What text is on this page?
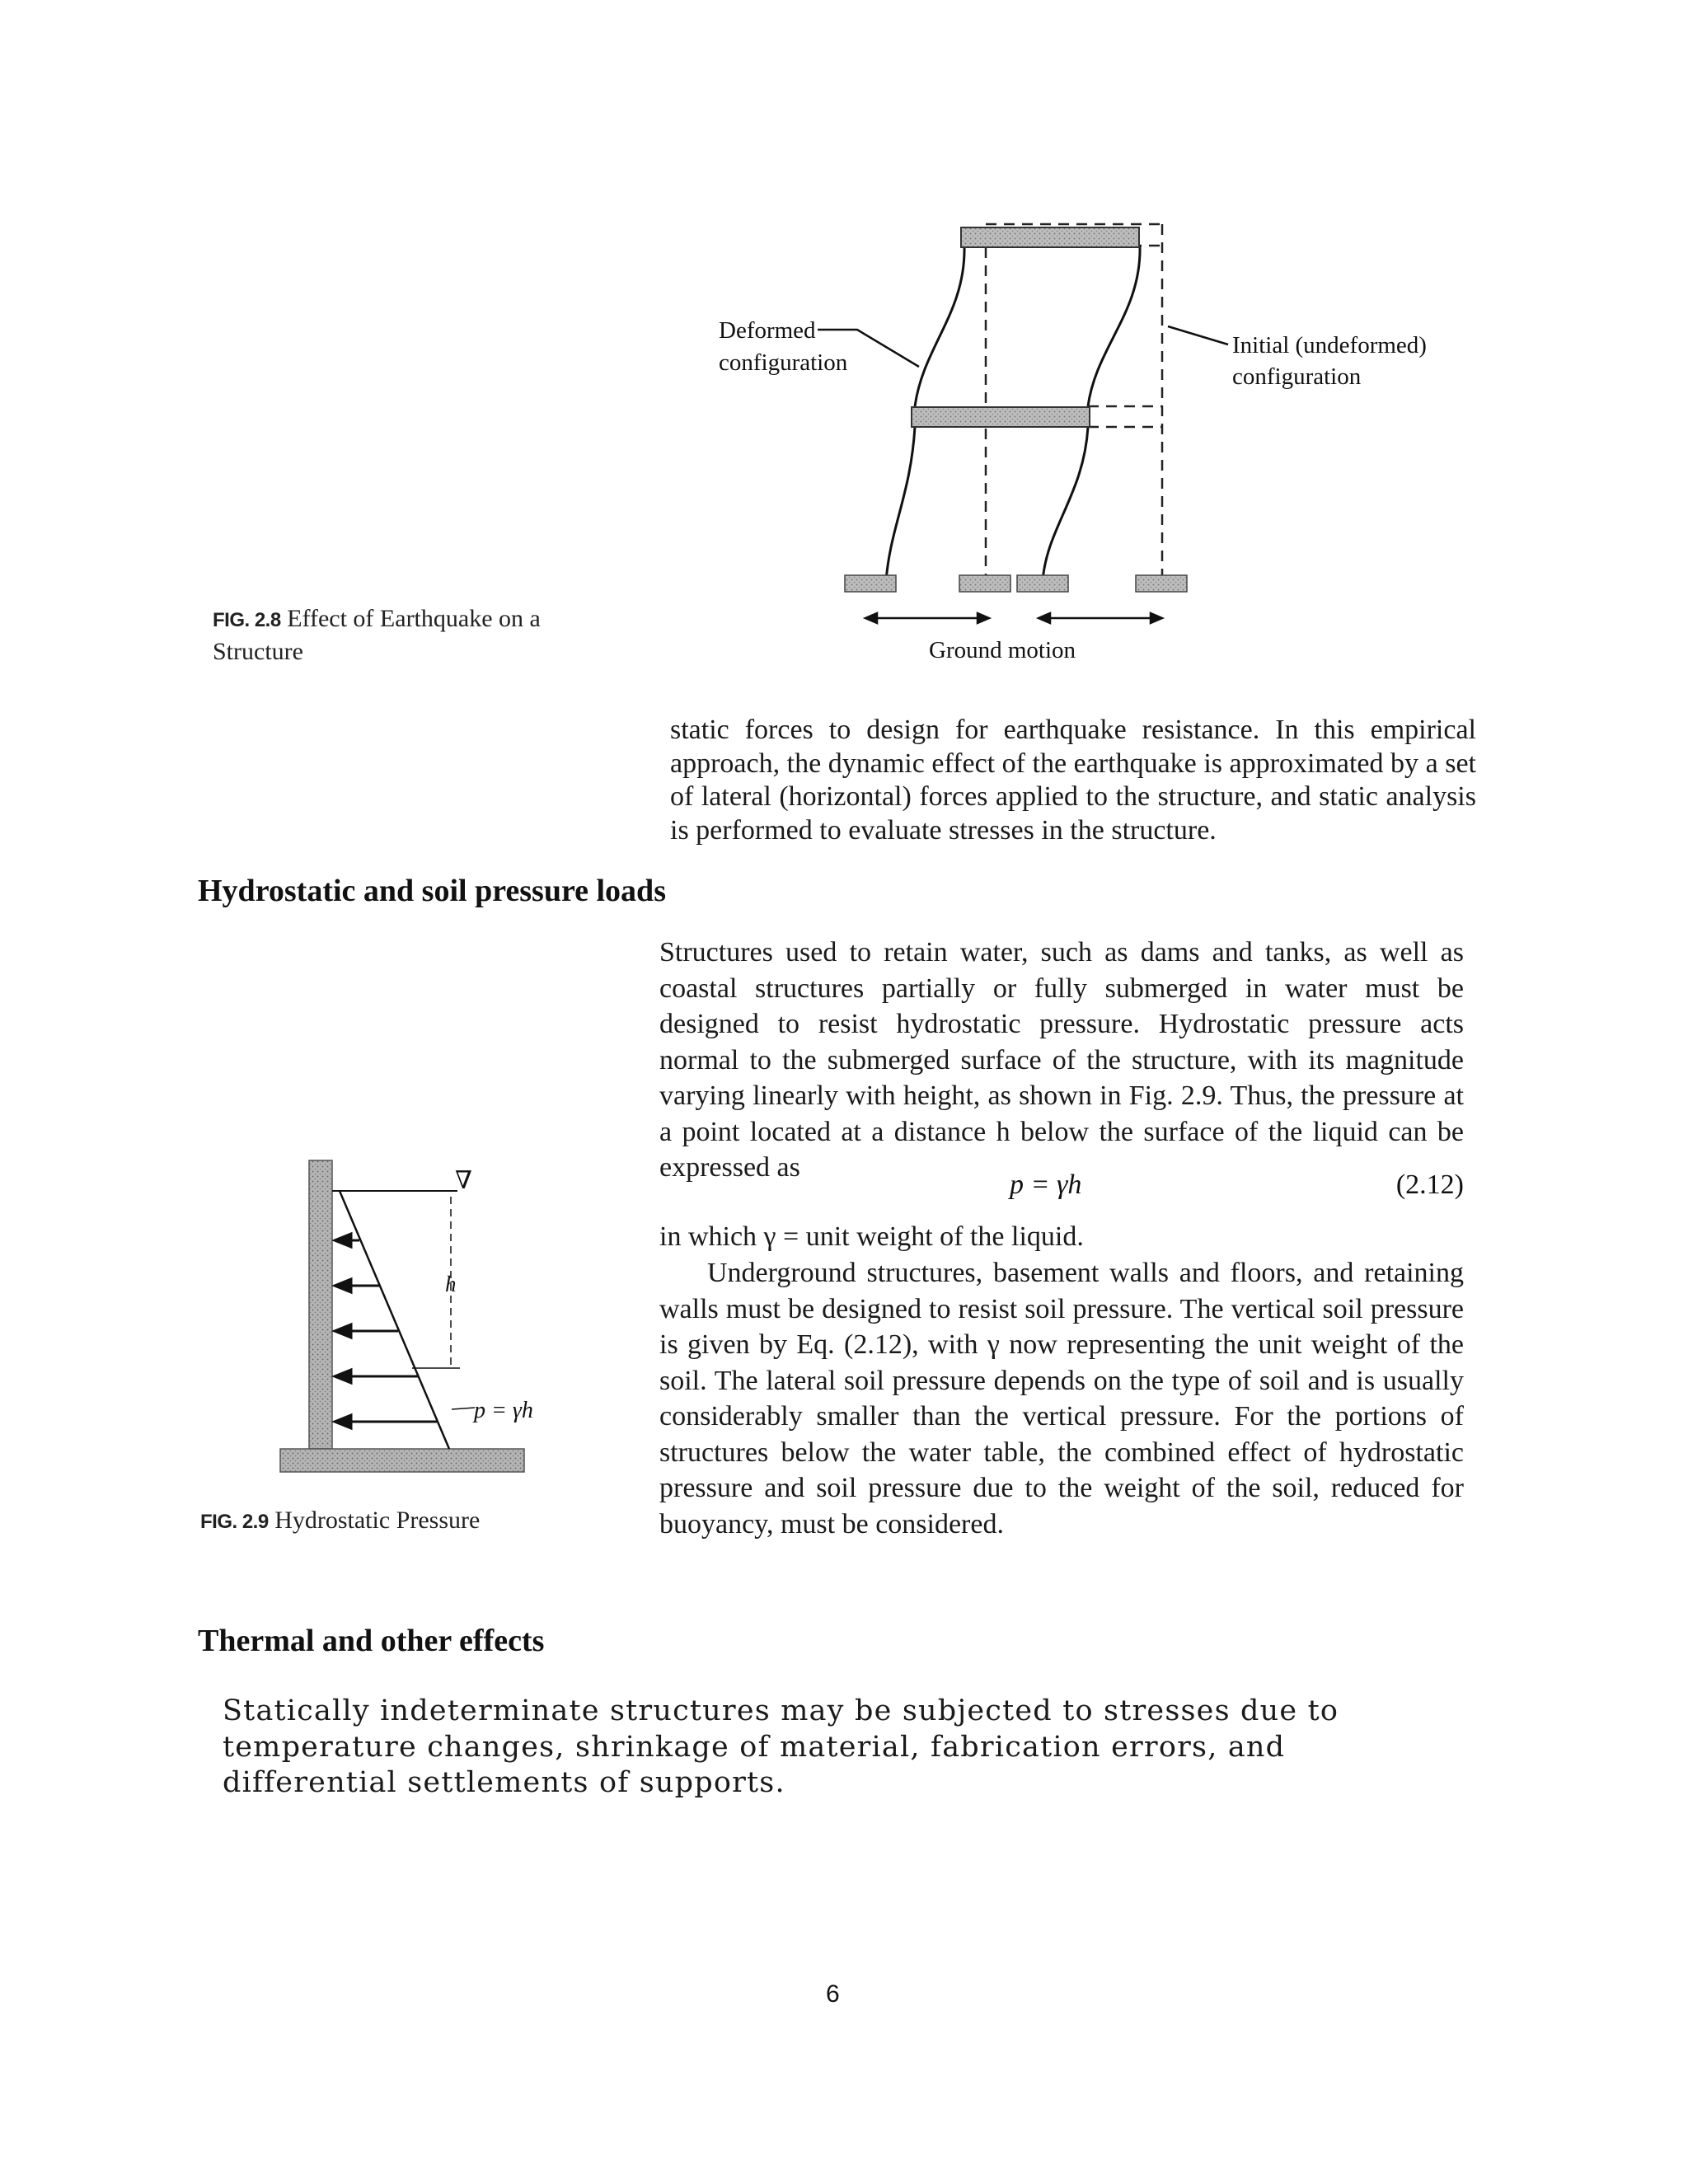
Deformed
configuration
Initial (undeformed)
configuration
Ground motion
FIG. 2.8 Effect of Earthquake on a Structure

static forces to design for earthquake resistance. In this empirical approach, the dynamic effect of the earthquake is approximated by a set of lateral (horizontal) forces applied to the structure, and static analysis is performed to evaluate stresses in the structure.

Hydrostatic and soil pressure loads

Structures used to retain water, such as dams and tanks, as well as coastal structures partially or fully submerged in water must be designed to resist hydrostatic pressure. Hydrostatic pressure acts normal to the submerged surface of the structure, with its magnitude varying linearly with height, as shown in Fig. 2.9. Thus, the pressure at a point located at a distance h below the surface of the liquid can be expressed as

p = γh	(2.12)

in which γ = unit weight of the liquid.

Underground structures, basement walls and floors, and retaining walls must be designed to resist soil pressure. The vertical soil pressure is given by Eq. (2.12), with γ now representing the unit weight of the soil. The lateral soil pressure depends on the type of soil and is usually considerably smaller than the vertical pressure. For the portions of structures below the water table, the combined effect of hydrostatic pressure and soil pressure due to the weight of the soil, reduced for buoyancy, must be considered.

∇
h
p = γh
FIG. 2.9 Hydrostatic Pressure
Thermal and other effects

Statically indeterminate structures may be subjected to stresses due to temperature changes, shrinkage of material, fabrication errors, and differential settlements of supports.

6
